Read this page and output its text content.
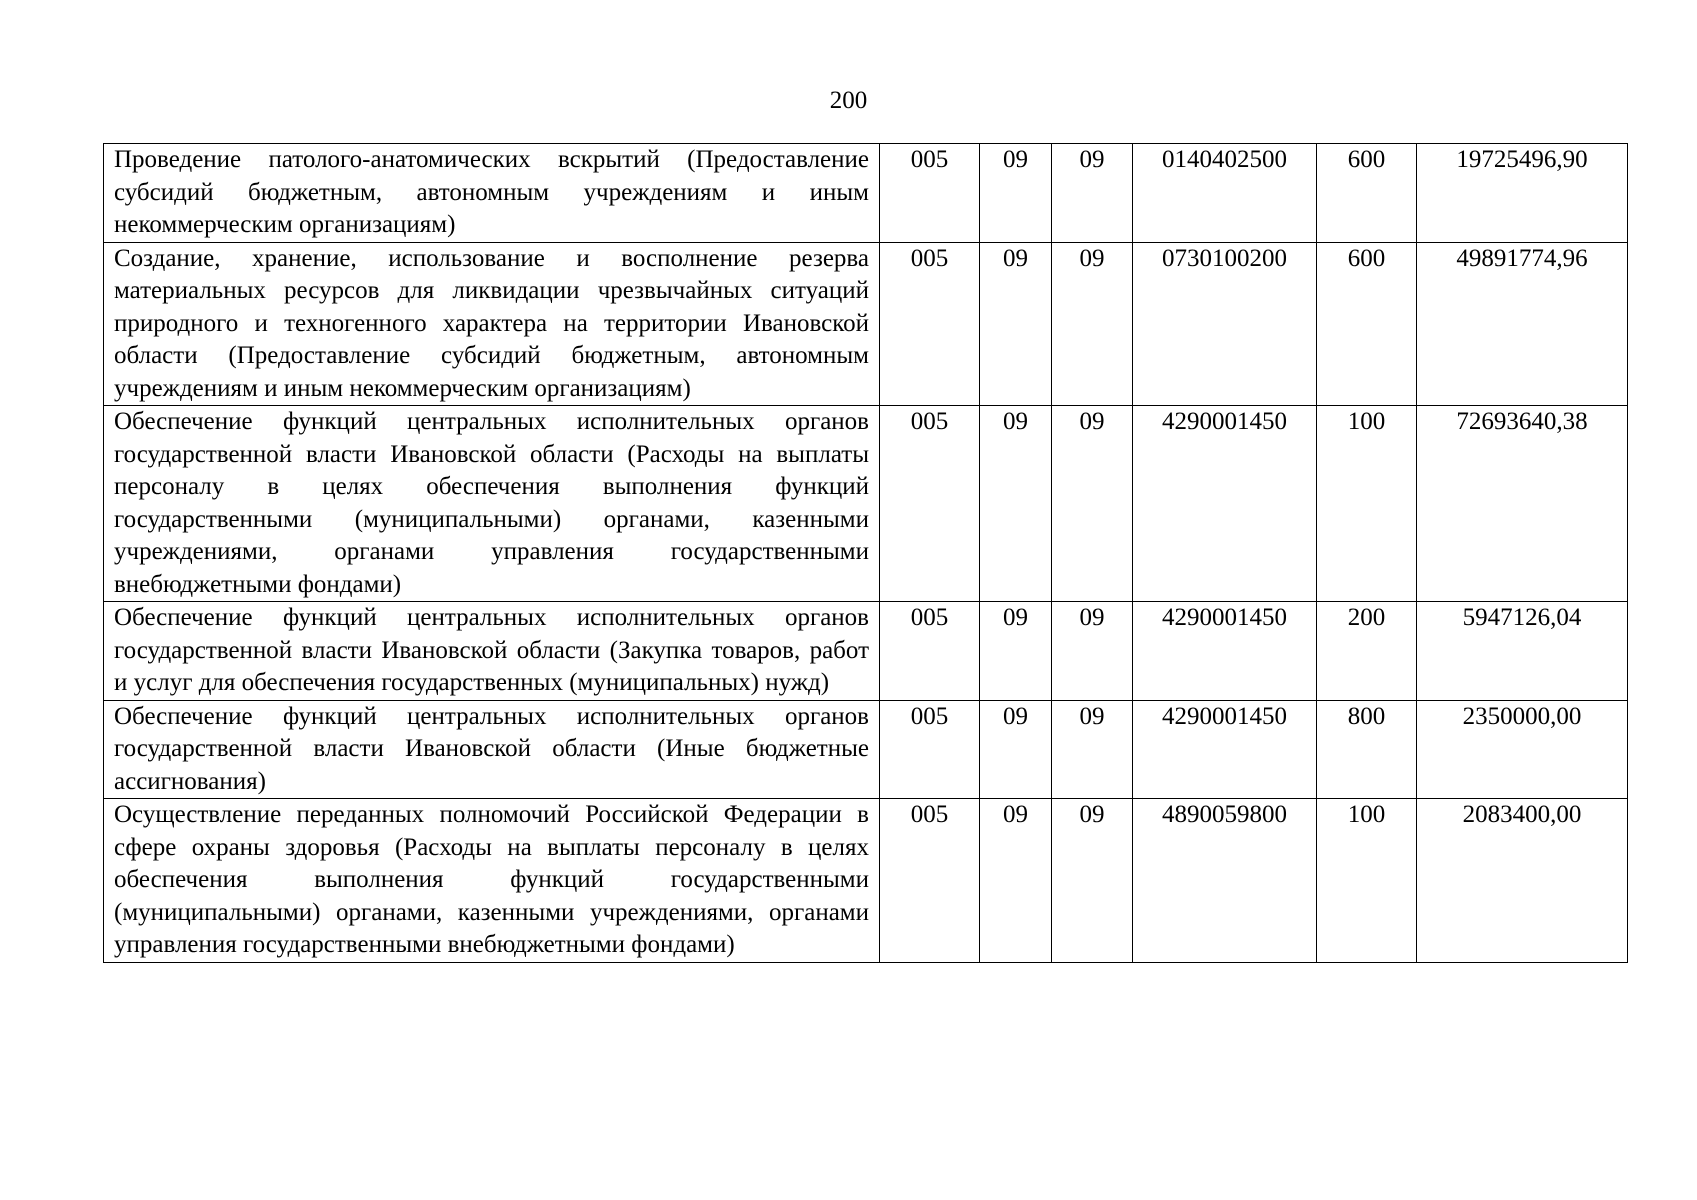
200
Проведение патолого-анатомических вскрытий (Предоставление субсидий бюджетным, автономным учреждениям и иным некоммерческим организациям)	005	09	09	0140402500	600	19725496,90
Создание, хранение, использование и восполнение резерва материальных ресурсов для ликвидации чрезвычайных ситуаций природного и техногенного характера на территории Ивановской области (Предоставление субсидий бюджетным, автономным учреждениям и иным некоммерческим организациям)	005	09	09	0730100200	600	49891774,96
Обеспечение функций центральных исполнительных органов государственной власти Ивановской области (Расходы на выплаты персоналу в целях обеспечения выполнения функций государственными (муниципальными) органами, казенными учреждениями, органами управления государственными внебюджетными фондами)	005	09	09	4290001450	100	72693640,38
Обеспечение функций центральных исполнительных органов государственной власти Ивановской области (Закупка товаров, работ и услуг для обеспечения государственных (муниципальных) нужд)	005	09	09	4290001450	200	5947126,04
Обеспечение функций центральных исполнительных органов государственной власти Ивановской области (Иные бюджетные ассигнования)	005	09	09	4290001450	800	2350000,00
Осуществление переданных полномочий Российской Федерации в сфере охраны здоровья (Расходы на выплаты персоналу в целях обеспечения выполнения функций государственными (муниципальными) органами, казенными учреждениями, органами управления государственными внебюджетными фондами)	005	09	09	4890059800	100	2083400,00
